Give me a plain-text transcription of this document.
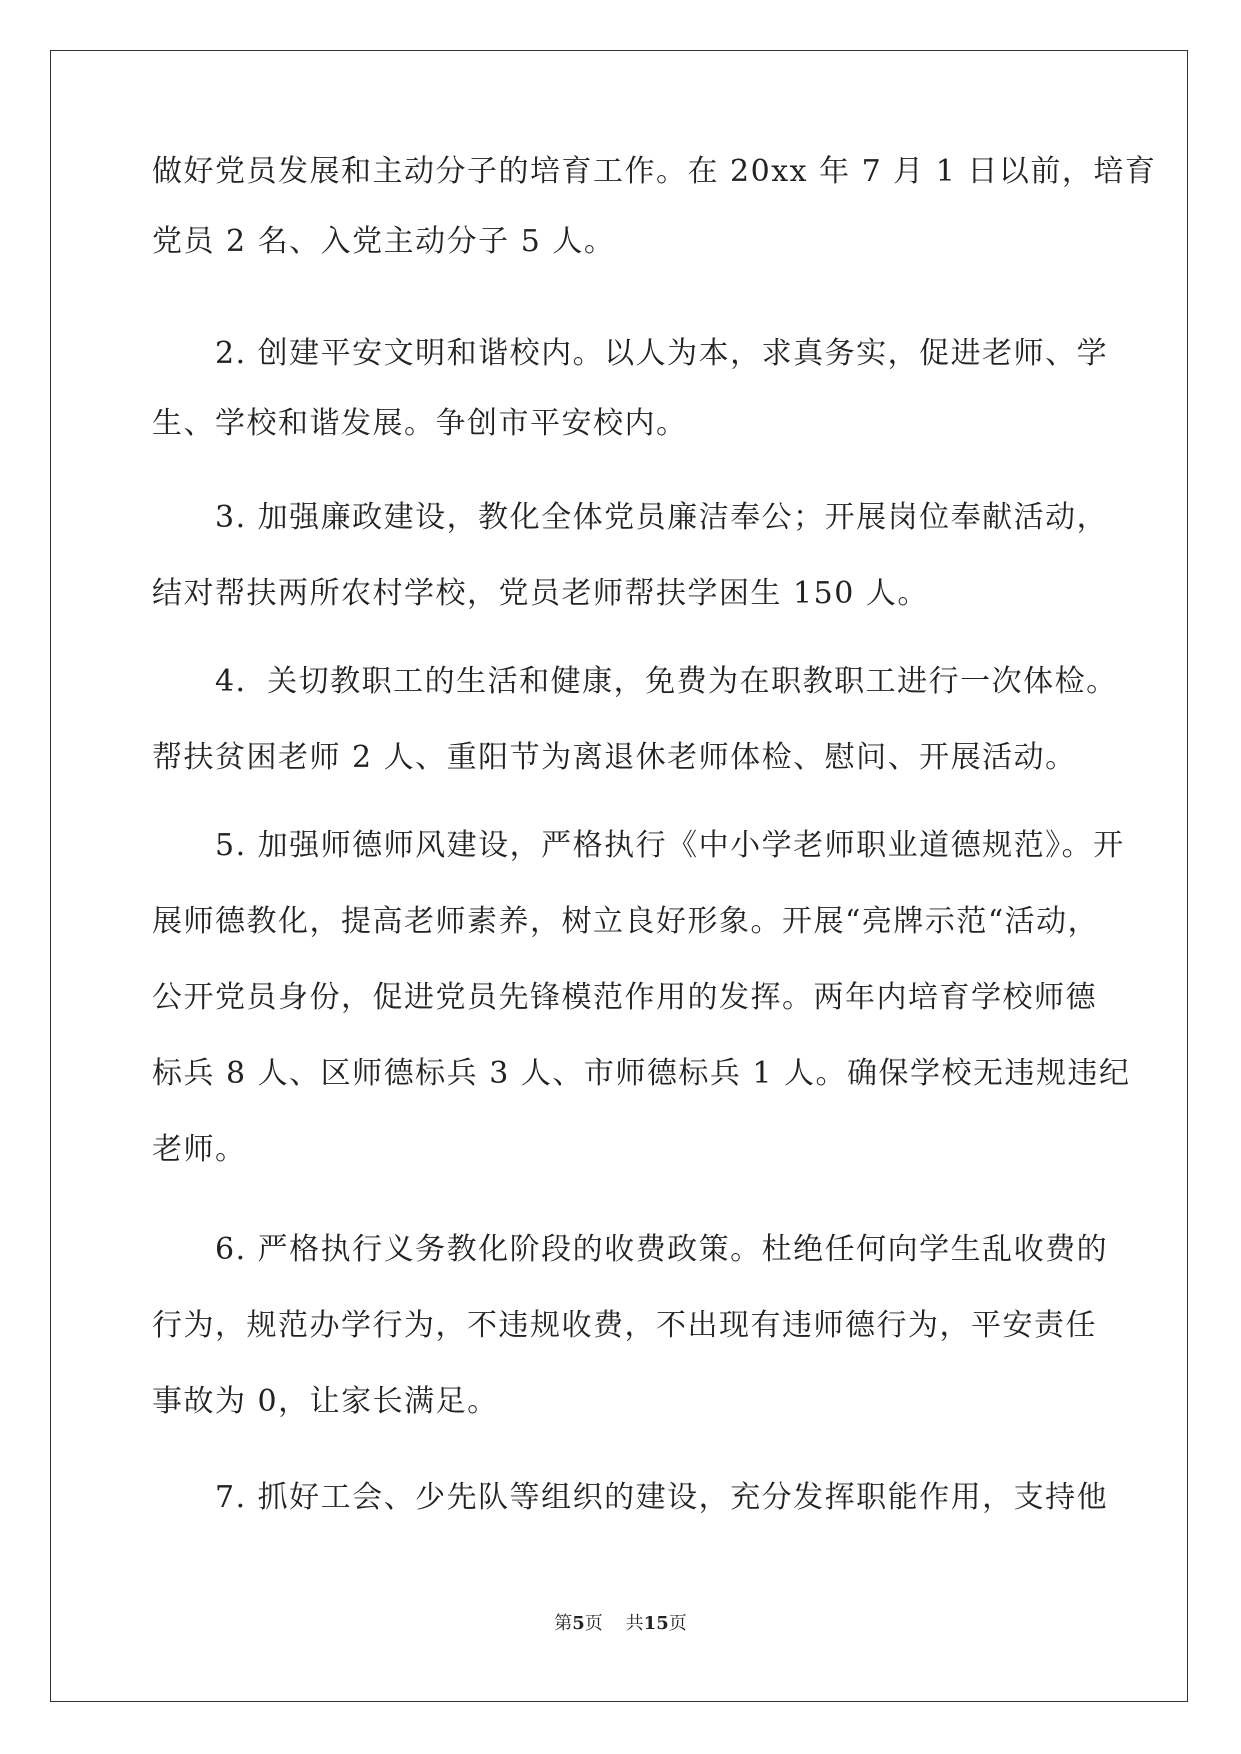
做好党员发展和主动分子的培育工作。在 20xx 年 7 月 1 日以前，培育
党员 2 名、入党主动分子 5 人。
　　2. 创建平安文明和谐校内。以人为本，求真务实，促进老师、学
生、学校和谐发展。争创市平安校内。
　　3. 加强廉政建设，教化全体党员廉洁奉公；开展岗位奉献活动，
结对帮扶两所农村学校，党员老师帮扶学困生 150 人。
　　4．关切教职工的生活和健康，免费为在职教职工进行一次体检。
帮扶贫困老师 2 人、重阳节为离退休老师体检、慰问、开展活动。
　　5. 加强师德师风建设，严格执行《中小学老师职业道德规范》。开
展师德教化，提高老师素养，树立良好形象。开展“亮牌示范“活动，
公开党员身份，促进党员先锋模范作用的发挥。两年内培育学校师德
标兵 8 人、区师德标兵 3 人、市师德标兵 1 人。确保学校无违规违纪
老师。
　　6. 严格执行义务教化阶段的收费政策。杜绝任何向学生乱收费的
行为，规范办学行为，不违规收费，不出现有违师德行为，平安责任
事故为 0，让家长满足。
　　7. 抓好工会、少先队等组织的建设，充分发挥职能作用，支持他
第5页 共15页
